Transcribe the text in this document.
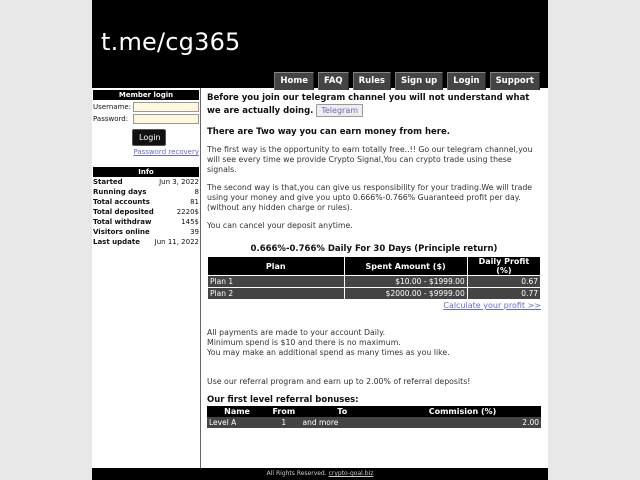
t.me/cg365
Home	FAQ	Rules	Sign up	Login	Support
Member login
Username:
Password:
Login
Password recovery
Info
Started	Jun 3, 2022
Running days	8
Total accounts	81
Total deposited	2220$
Total withdraw	145$
Visitors online	39
Last update	Jun 11, 2022
Before you join our telegram channel you will not understand what we are actually doing. Telegram
There are Two way you can earn money from here.
The first way is the opportunity to earn totally free..!! Go our telegram channel,you will see every time we provide Crypto Signal,You can crypto trade using these signals.
The second way is that,you can give us responsibility for your trading.We will trade using your money and give you upto 0.666%-0.766% Guaranteed profit per day. (without any hidden charge or rules).
You can cancel your deposit anytime.
0.666%-0.766% Daily For 30 Days (Principle return)
Plan	Spent Amount ($)	Daily Profit (%)
Plan 1	$10.00 - $1999.00	0.67
Plan 2	$2000.00 - $9999.00	0.77
Calculate your profit >>
All payments are made to your account Daily.
Minimum spend is $10 and there is no maximum.
You may make an additional spend as many times as you like.
Use our referral program and earn up to 2.00% of referral deposits!
Our first level referral bonuses:
Name	From	To	Commision (%)
Level A	1	and more	2.00
All Rights Reserved. crypto-goal.biz
